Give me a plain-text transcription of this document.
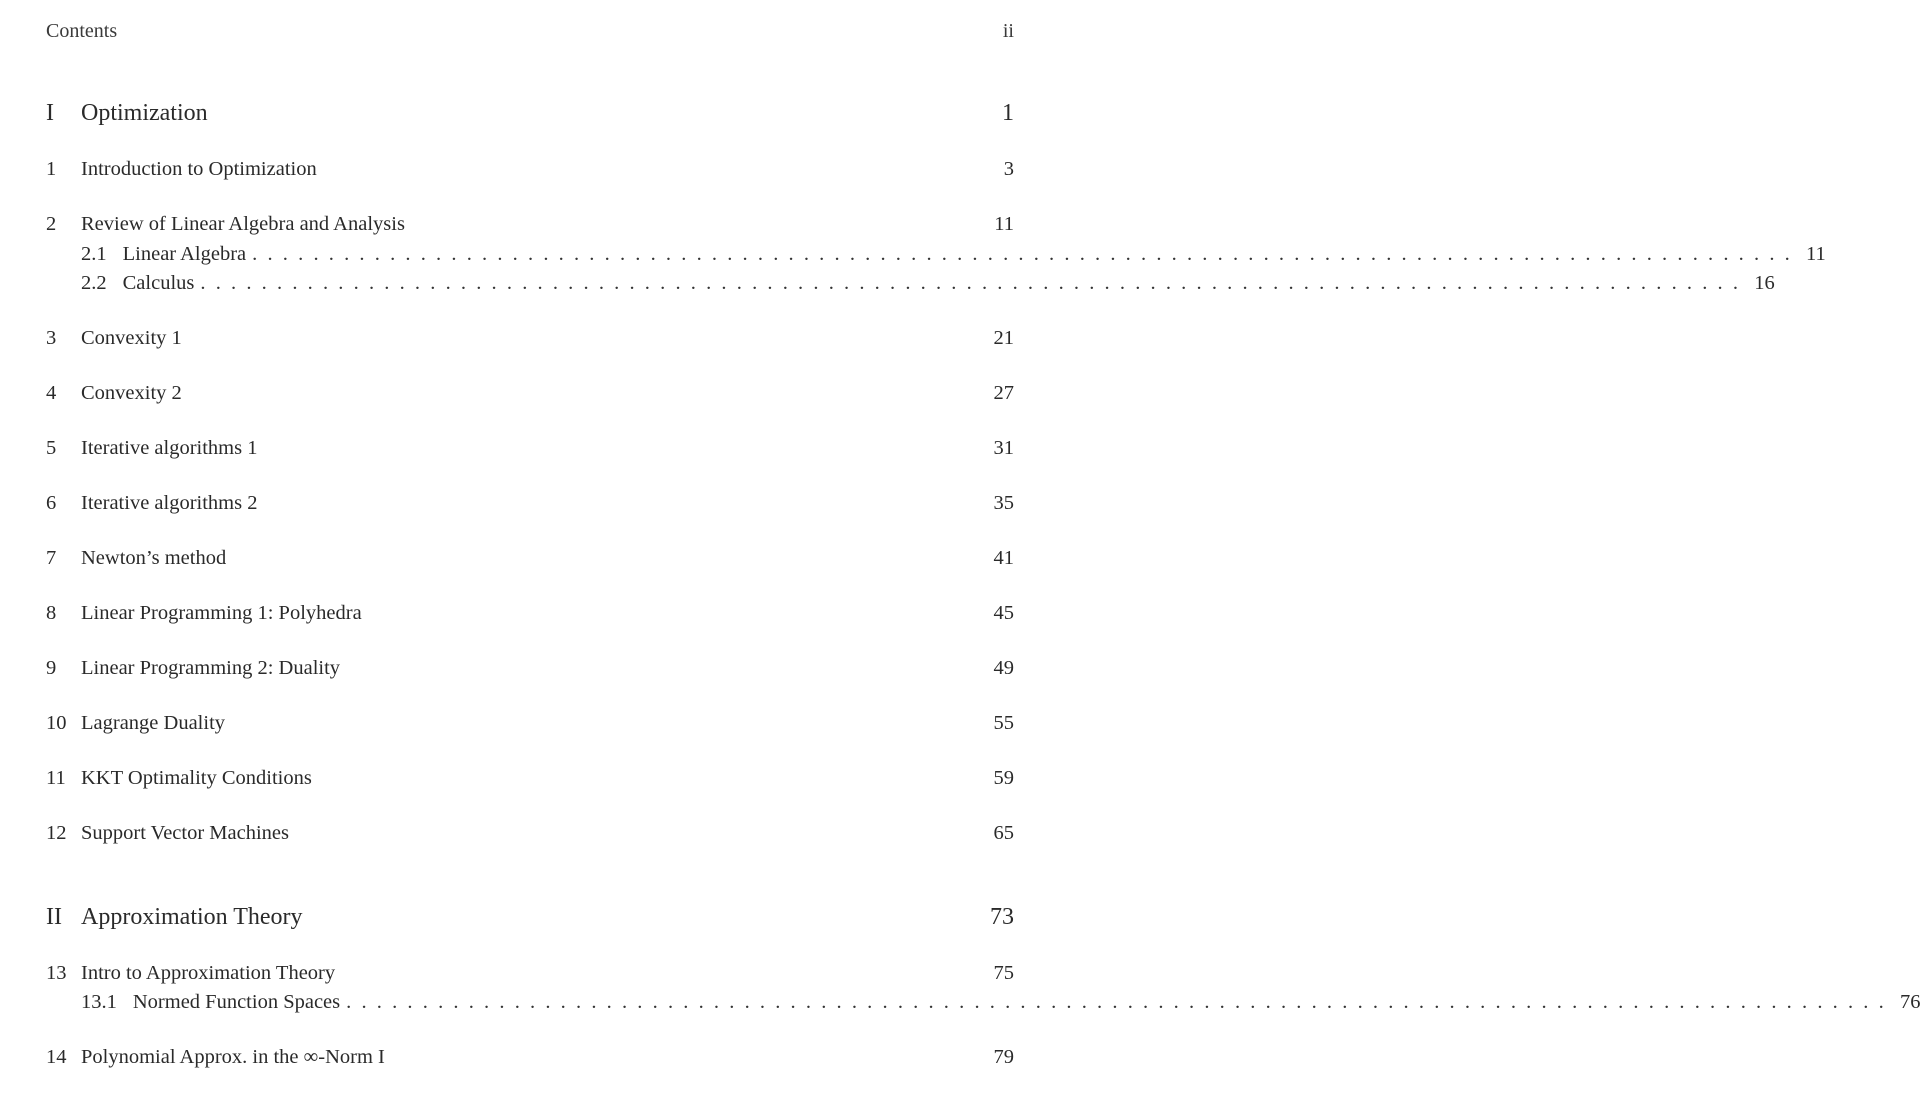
Contents	ii
I	Optimization	1
1	Introduction to Optimization	3
2	Review of Linear Algebra and Analysis	11
2.1 Linear Algebra ..................................................................................................... 11
2.2 Calculus ..................................................................................................... 16
3	Convexity 1	21
4	Convexity 2	27
5	Iterative algorithms 1	31
6	Iterative algorithms 2	35
7	Newton’s method	41
8	Linear Programming 1: Polyhedra	45
9	Linear Programming 2: Duality	49
10 Lagrange Duality	55
11 KKT Optimality Conditions	59
12 Support Vector Machines	65
II Approximation Theory	73
13 Intro to Approximation Theory	75
13.1 Normed Function Spaces ..................................................................................................... 76
14 Polynomial Approx. in the ∞-Norm I	79
